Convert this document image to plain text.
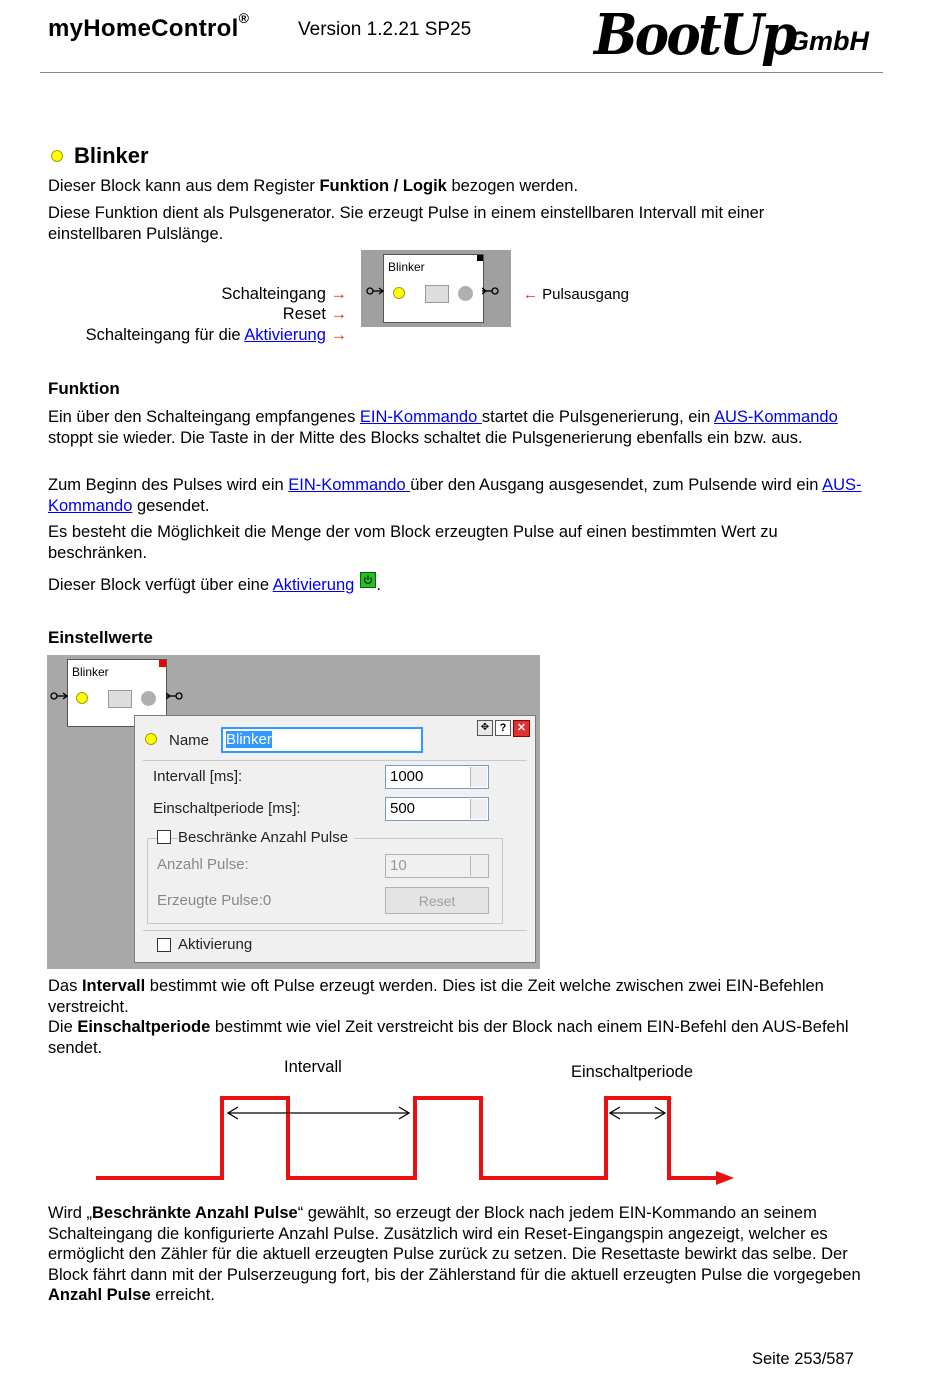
myHomeControl®
Version 1.2.21 SP25 BootUp
GmbH
Blinker
Dieser Block kann aus dem Register Funktion / Logik bezogen werden.
Diese Funktion dient als Pulsgenerator. Sie erzeugt Pulse in einem einstellbaren Intervall mit einer einstellbaren Pulslänge.
Schalteingang →
Reset →
Schalteingang für die Aktivierung →
Blinker
← Pulsausgang
Funktion
Ein über den Schalteingang empfangenes EIN-Kommando startet die Pulsgenerierung, ein AUS-Kommando stoppt sie wieder. Die Taste in der Mitte des Blocks schaltet die Pulsgenerierung ebenfalls ein bzw. aus.
Zum Beginn des Pulses wird ein EIN-Kommando über den Ausgang ausgesendet, zum Pulsende wird ein AUS-Kommando gesendet.
Es besteht die Möglichkeit die Menge der vom Block erzeugten Pulse auf einen bestimmten Wert zu beschränken.
Dieser Block verfügt über eine Aktivierung .
Einstellwerte
Blinker
Name Blinker
✥ ? ✕
Intervall [ms]:	1000
Einschaltperiode [ms]:	500
Beschränke Anzahl Pulse
Anzahl Pulse:	10
Erzeugte Pulse:0	Reset
Aktivierung
Das Intervall bestimmt wie oft Pulse erzeugt werden. Dies ist die Zeit welche zwischen zwei EIN-Befehlen verstreicht.
Die Einschaltperiode bestimmt wie viel Zeit verstreicht bis der Block nach einem EIN-Befehl den AUS-Befehl sendet.
Intervall	Einschaltperiode
Wird „Beschränkte Anzahl Pulse“ gewählt, so erzeugt der Block nach jedem EIN-Kommando an seinem Schalteingang die konfigurierte Anzahl Pulse. Zusätzlich wird ein Reset-Eingangspin angezeigt, welcher es ermöglicht den Zähler für die aktuell erzeugten Pulse zurück zu setzen. Die Resettaste bewirkt das selbe. Der Block fährt dann mit der Pulserzeugung fort, bis der Zählerstand für die aktuell erzeugten Pulse die vorgegeben Anzahl Pulse erreicht.
Seite 253/587
